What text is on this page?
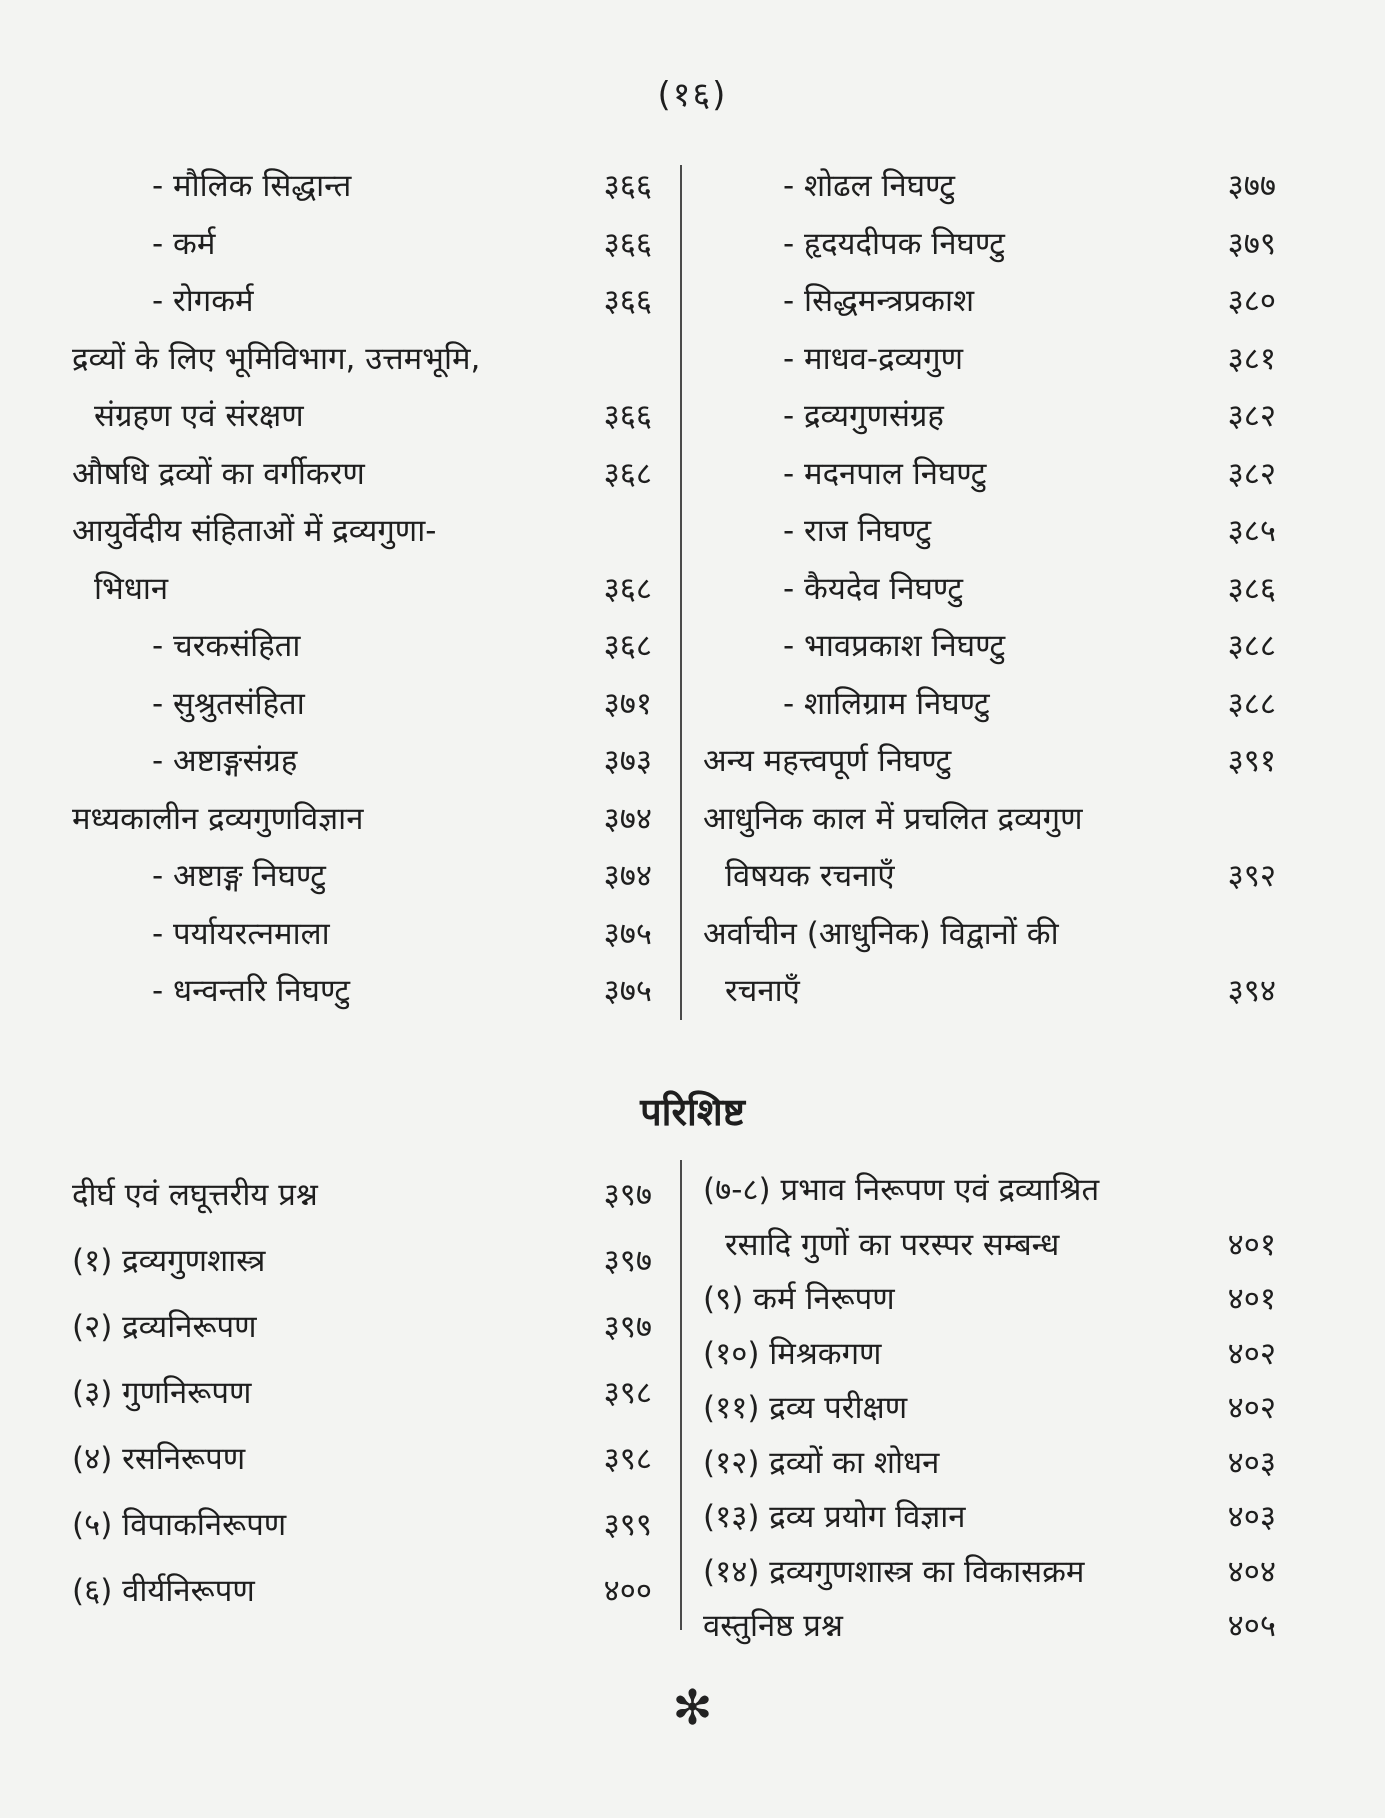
(१६)
- मौलिक सिद्धान्त	३६६
- कर्म	३६६
- रोगकर्म	३६६
द्रव्यों के लिए भूमिविभाग, उत्तमभूमि,
संग्रहण एवं संरक्षण	३६६
औषधि द्रव्यों का वर्गीकरण	३६८
आयुर्वेदीय संहिताओं में द्रव्यगुणा-
भिधान	३६८
- चरकसंहिता	३६८
- सुश्रुतसंहिता	३७१
- अष्टाङ्गसंग्रह	३७३
मध्यकालीन द्रव्यगुणविज्ञान	३७४
- अष्टाङ्ग निघण्टु	३७४
- पर्यायरत्नमाला	३७५
- धन्वन्तरि निघण्टु	३७५
- शोढल निघण्टु	३७७
- हृदयदीपक निघण्टु	३७९
- सिद्धमन्त्रप्रकाश	३८०
- माधव-द्रव्यगुण	३८१
- द्रव्यगुणसंग्रह	३८२
- मदनपाल निघण्टु	३८२
- राज निघण्टु	३८५
- कैयदेव निघण्टु	३८६
- भावप्रकाश निघण्टु	३८८
- शालिग्राम निघण्टु	३८८
अन्य महत्त्वपूर्ण निघण्टु	३९१
आधुनिक काल में प्रचलित द्रव्यगुण
विषयक रचनाएँ	३९२
अर्वाचीन (आधुनिक) विद्वानों की
रचनाएँ	३९४
परिशिष्ट
दीर्घ एवं लघूत्तरीय प्रश्न	३९७
(१) द्रव्यगुणशास्त्र	३९७
(२) द्रव्यनिरूपण	३९७
(३) गुणनिरूपण	३९८
(४) रसनिरूपण	३९८
(५) विपाकनिरूपण	३९९
(६) वीर्यनिरूपण	४००
(७-८) प्रभाव निरूपण एवं द्रव्याश्रित
रसादि गुणों का परस्पर सम्बन्ध	४०१
(९) कर्म निरूपण	४०१
(१०) मिश्रकगण	४०२
(११) द्रव्य परीक्षण	४०२
(१२) द्रव्यों का शोधन	४०३
(१३) द्रव्य प्रयोग विज्ञान	४०३
(१४) द्रव्यगुणशास्त्र का विकासक्रम	४०४
वस्तुनिष्ठ प्रश्न	४०५
✻
